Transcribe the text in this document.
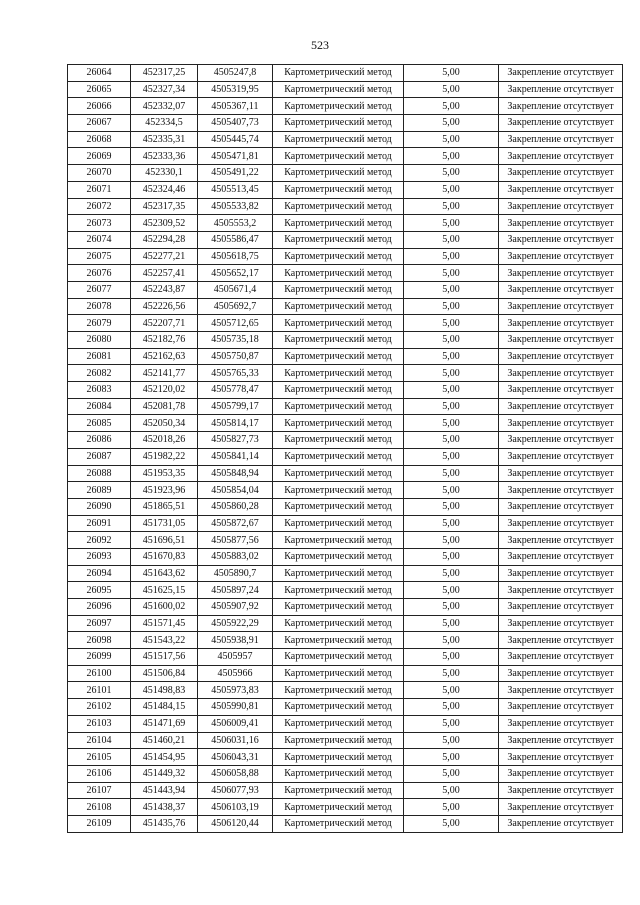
523
26064	452317,25	4505247,8	Картометрический метод	5,00	Закрепление отсутствует
26065	452327,34	4505319,95	Картометрический метод	5,00	Закрепление отсутствует
26066	452332,07	4505367,11	Картометрический метод	5,00	Закрепление отсутствует
26067	452334,5	4505407,73	Картометрический метод	5,00	Закрепление отсутствует
26068	452335,31	4505445,74	Картометрический метод	5,00	Закрепление отсутствует
26069	452333,36	4505471,81	Картометрический метод	5,00	Закрепление отсутствует
26070	452330,1	4505491,22	Картометрический метод	5,00	Закрепление отсутствует
26071	452324,46	4505513,45	Картометрический метод	5,00	Закрепление отсутствует
26072	452317,35	4505533,82	Картометрический метод	5,00	Закрепление отсутствует
26073	452309,52	4505553,2	Картометрический метод	5,00	Закрепление отсутствует
26074	452294,28	4505586,47	Картометрический метод	5,00	Закрепление отсутствует
26075	452277,21	4505618,75	Картометрический метод	5,00	Закрепление отсутствует
26076	452257,41	4505652,17	Картометрический метод	5,00	Закрепление отсутствует
26077	452243,87	4505671,4	Картометрический метод	5,00	Закрепление отсутствует
26078	452226,56	4505692,7	Картометрический метод	5,00	Закрепление отсутствует
26079	452207,71	4505712,65	Картометрический метод	5,00	Закрепление отсутствует
26080	452182,76	4505735,18	Картометрический метод	5,00	Закрепление отсутствует
26081	452162,63	4505750,87	Картометрический метод	5,00	Закрепление отсутствует
26082	452141,77	4505765,33	Картометрический метод	5,00	Закрепление отсутствует
26083	452120,02	4505778,47	Картометрический метод	5,00	Закрепление отсутствует
26084	452081,78	4505799,17	Картометрический метод	5,00	Закрепление отсутствует
26085	452050,34	4505814,17	Картометрический метод	5,00	Закрепление отсутствует
26086	452018,26	4505827,73	Картометрический метод	5,00	Закрепление отсутствует
26087	451982,22	4505841,14	Картометрический метод	5,00	Закрепление отсутствует
26088	451953,35	4505848,94	Картометрический метод	5,00	Закрепление отсутствует
26089	451923,96	4505854,04	Картометрический метод	5,00	Закрепление отсутствует
26090	451865,51	4505860,28	Картометрический метод	5,00	Закрепление отсутствует
26091	451731,05	4505872,67	Картометрический метод	5,00	Закрепление отсутствует
26092	451696,51	4505877,56	Картометрический метод	5,00	Закрепление отсутствует
26093	451670,83	4505883,02	Картометрический метод	5,00	Закрепление отсутствует
26094	451643,62	4505890,7	Картометрический метод	5,00	Закрепление отсутствует
26095	451625,15	4505897,24	Картометрический метод	5,00	Закрепление отсутствует
26096	451600,02	4505907,92	Картометрический метод	5,00	Закрепление отсутствует
26097	451571,45	4505922,29	Картометрический метод	5,00	Закрепление отсутствует
26098	451543,22	4505938,91	Картометрический метод	5,00	Закрепление отсутствует
26099	451517,56	4505957	Картометрический метод	5,00	Закрепление отсутствует
26100	451506,84	4505966	Картометрический метод	5,00	Закрепление отсутствует
26101	451498,83	4505973,83	Картометрический метод	5,00	Закрепление отсутствует
26102	451484,15	4505990,81	Картометрический метод	5,00	Закрепление отсутствует
26103	451471,69	4506009,41	Картометрический метод	5,00	Закрепление отсутствует
26104	451460,21	4506031,16	Картометрический метод	5,00	Закрепление отсутствует
26105	451454,95	4506043,31	Картометрический метод	5,00	Закрепление отсутствует
26106	451449,32	4506058,88	Картометрический метод	5,00	Закрепление отсутствует
26107	451443,94	4506077,93	Картометрический метод	5,00	Закрепление отсутствует
26108	451438,37	4506103,19	Картометрический метод	5,00	Закрепление отсутствует
26109	451435,76	4506120,44	Картометрический метод	5,00	Закрепление отсутствует
